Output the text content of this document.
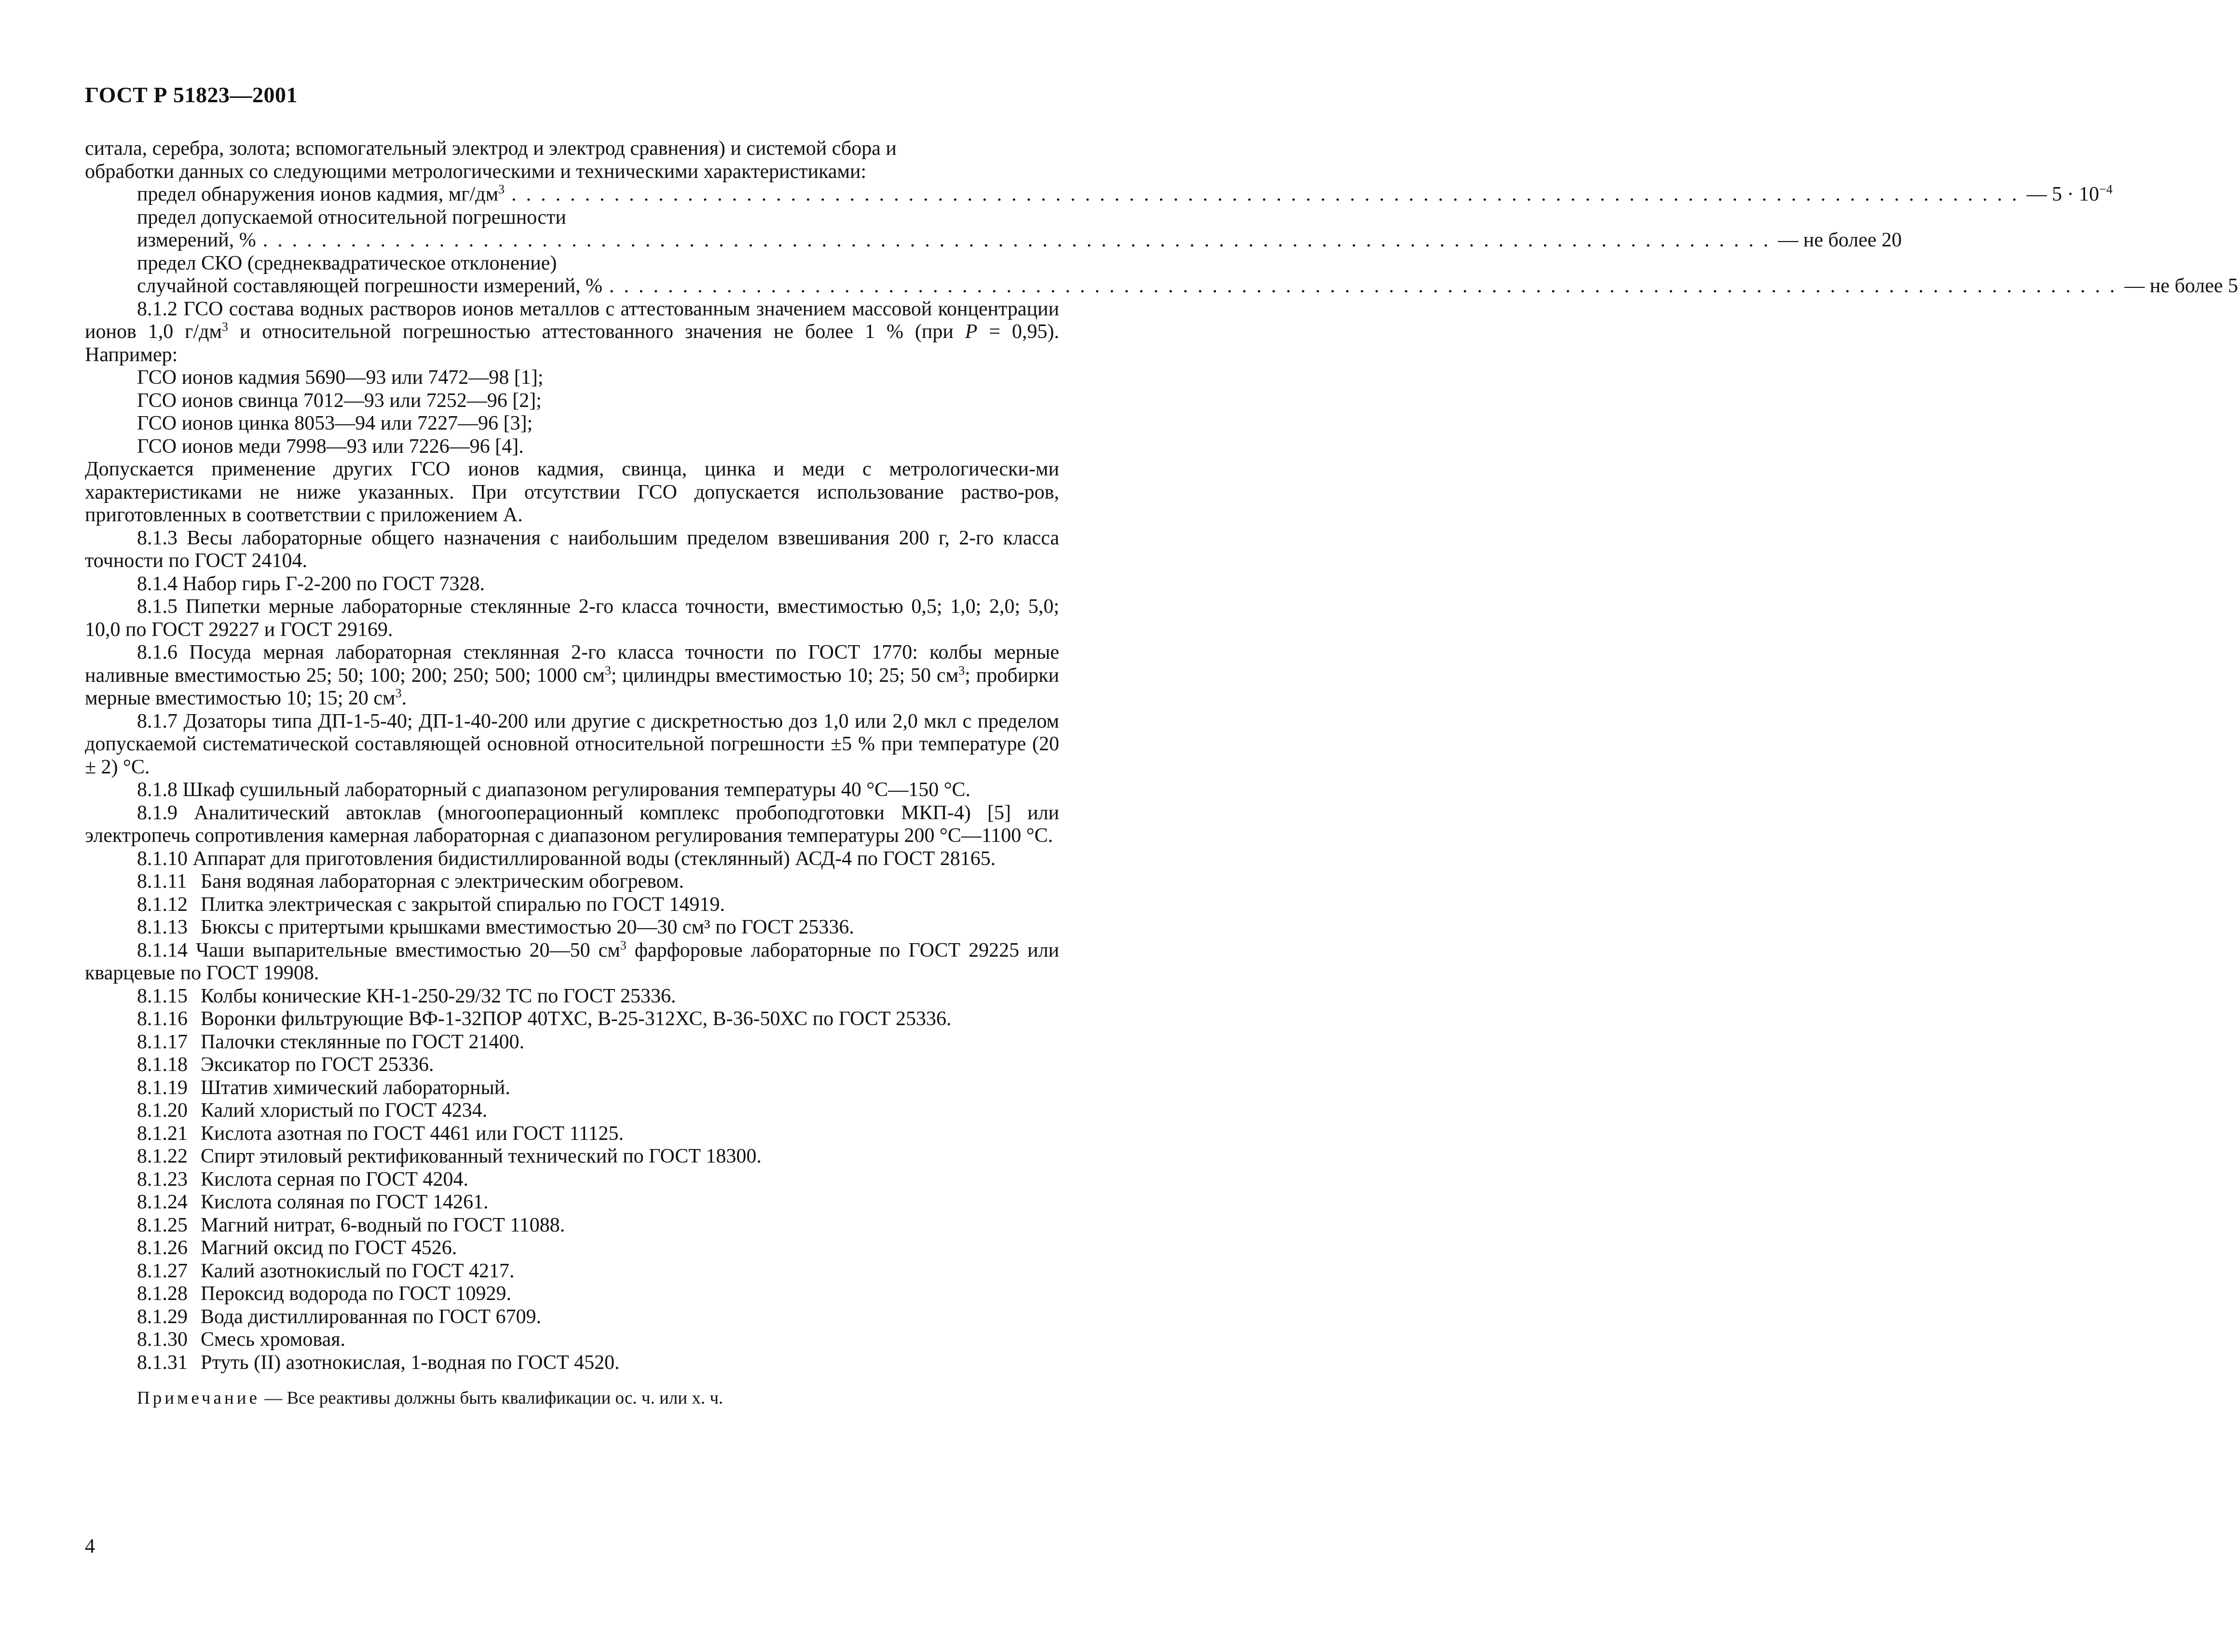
ГОСТ Р 51823—2001

ситала, серебра, золота; вспомогательный электрод и электрод сравнения) и системой сбора и

обработки данных со следующими метрологическими и техническими характеристиками:

предел обнаружения ионов кадмия, $мг/дм^3$ ....................................................................................................... — $5 \cdot 10^{-4}$

предел допускаемой относительной погрешности

измерений, % ....................................................................................................... — не более 20

предел СКО (среднеквадратическое отклонение)

случайной составляющей погрешности измерений, % ....................................................................................................... — не более 5

8.1.2 ГСО состава водных растворов ионов металлов с аттестованным значением массовой концентрации ионов 1,0 $г/дм^3$ и относительной погрешностью аттестованного значения не более 1 % (при P = 0,95). Например:

ГСО ионов кадмия 5690—93 или 7472—98 [1];

ГСО ионов свинца 7012—93 или 7252—96 [2];

ГСО ионов цинка 8053—94 или 7227—96 [3];

ГСО ионов меди 7998—93 или 7226—96 [4].

Допускается применение других ГСО ионов кадмия, свинца, цинка и меди с метрологически-ми характеристиками не ниже указанных. При отсутствии ГСО допускается использование раство-ров, приготовленных в соответствии с приложением А.

8.1.3 Весы лабораторные общего назначения с наибольшим пределом взвешивания 200 г, 2-го класса точности по ГОСТ 24104.

8.1.4 Набор гирь Г-2-200 по ГОСТ 7328.

8.1.5 Пипетки мерные лабораторные стеклянные 2-го класса точности, вместимостью 0,5; 1,0; 2,0; 5,0; 10,0 по ГОСТ 29227 и ГОСТ 29169.

8.1.6 Посуда мерная лабораторная стеклянная 2-го класса точности по ГОСТ 1770: колбы мерные наливные вместимостью 25; 50; 100; 200; 250; 500; 1000 $см^3$; цилиндры вместимостью 10; 25; 50 $см^3$; пробирки мерные вместимостью 10; 15; 20 $см^3$.

8.1.7 Дозаторы типа ДП-1-5-40; ДП-1-40-200 или другие с дискретностью доз 1,0 или 2,0 мкл с пределом допускаемой систематической составляющей основной относительной погрешности ±5 % при температуре (20 ± 2) °С.

8.1.8 Шкаф сушильный лабораторный с диапазоном регулирования температуры 40 °С—150 °С.

8.1.9 Аналитический автоклав (многооперационный комплекс пробоподготовки МКП-4) [5] или электропечь сопротивления камерная лабораторная с диапазоном регулирования температуры 200 °С—1100 °С.

8.1.10 Аппарат для приготовления бидистиллированной воды (стеклянный) АСД-4 по ГОСТ 28165.

8.1.11 Баня водяная лабораторная с электрическим обогревом.

8.1.12 Плитка электрическая с закрытой спиралью по ГОСТ 14919.

8.1.13 Бюксы с притертыми крышками вместимостью 20—30 см³ по ГОСТ 25336.

8.1.14 Чаши выпарительные вместимостью 20—50 $см^3$ фарфоровые лабораторные по ГОСТ 29225 или кварцевые по ГОСТ 19908.

8.1.15 Колбы конические КН-1-250-29/32 ТС по ГОСТ 25336.

8.1.16 Воронки фильтрующие ВФ-1-32ПОР 40ТХС, В-25-312ХС, В-36-50ХС по ГОСТ 25336.

8.1.17 Палочки стеклянные по ГОСТ 21400.

8.1.18 Эксикатор по ГОСТ 25336.

8.1.19 Штатив химический лабораторный.

8.1.20 Калий хлористый по ГОСТ 4234.

8.1.21 Кислота азотная по ГОСТ 4461 или ГОСТ 11125.

8.1.22 Спирт этиловый ректификованный технический по ГОСТ 18300.

8.1.23 Кислота серная по ГОСТ 4204.

8.1.24 Кислота соляная по ГОСТ 14261.

8.1.25 Магний нитрат, 6-водный по ГОСТ 11088.

8.1.26 Магний оксид по ГОСТ 4526.

8.1.27 Калий азотнокислый по ГОСТ 4217.

8.1.28 Пероксид водорода по ГОСТ 10929.

8.1.29 Вода дистиллированная по ГОСТ 6709.

8.1.30 Смесь хромовая.

8.1.31 Ртуть (II) азотнокислая, 1-водная по ГОСТ 4520.

Примечание — Все реактивы должны быть квалификации ос. ч. или х. ч.

4
